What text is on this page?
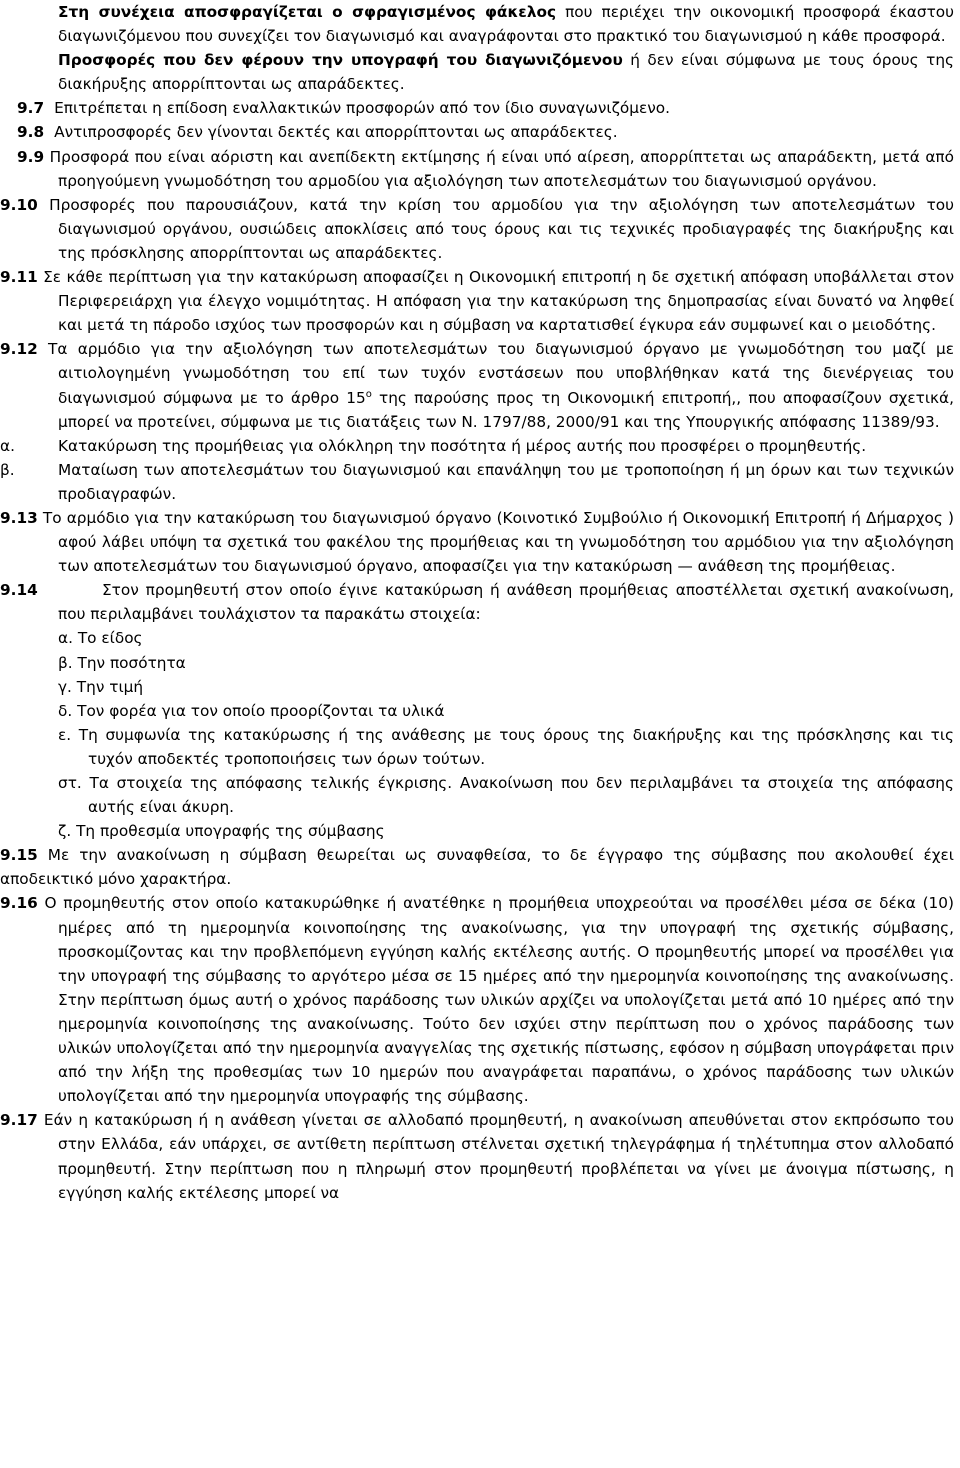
Στη συνέχεια αποσφραγίζεται ο σφραγισμένος φάκελος που περιέχει την οικονομική προσφορά έκαστου διαγωνιζόμενου που συνεχίζει τον διαγωνισμό και αναγράφονται στο πρακτικό του διαγωνισμού η κάθε προσφορά.

Προσφορές που δεν φέρουν την υπογραφή του διαγωνιζόμενου ή δεν είναι σύμφωνα με τους όρους της διακήρυξης απορρίπτονται ως απαράδεκτες.

9.7 Επιτρέπεται η επίδοση εναλλακτικών προσφορών από τον ίδιο συναγωνιζόμενο.

9.8 Αντιπροσφορές δεν γίνονται δεκτές και απορρίπτονται ως απαράδεκτες.

9.9 Προσφορά που είναι αόριστη και ανεπίδεκτη εκτίμησης ή είναι υπό αίρεση, απορρίπτεται ως απαράδεκτη, μετά από προηγούμενη γνωμοδότηση του αρμοδίου για αξιολόγηση των αποτελεσμάτων του διαγωνισμού οργάνου.

9.10 Προσφορές που παρουσιάζουν, κατά την κρίση του αρμοδίου για την αξιολόγηση των αποτελεσμάτων του διαγωνισμού οργάνου, ουσιώδεις αποκλίσεις από τους όρους και τις τεχνικές προδιαγραφές της διακήρυξης και της πρόσκλησης απορρίπτονται ως απαράδεκτες.

9.11 Σε κάθε περίπτωση για την κατακύρωση αποφασίζει η Οικονομική επιτροπή η δε σχετική απόφαση υποβάλλεται στον Περιφερειάρχη για έλεγχο νομιμότητας. Η απόφαση για την κατακύρωση της δημοπρασίας είναι δυνατό να ληφθεί και μετά τη πάροδο ισχύος των προσφορών και η σύμβαση να καρτατισθεί έγκυρα εάν συμφωνεί και ο μειοδότης.

9.12 Τα αρμόδιο για την αξιολόγηση των αποτελεσμάτων του διαγωνισμού όργανο με γνωμοδότηση του μαζί με αιτιολογημένη γνωμοδότηση του επί των τυχόν ενστάσεων που υποβλήθηκαν κατά της διενέργειας του διαγωνισμού σύμφωνα με το άρθρο $15^o$ της παρούσης προς τη Οικονομική επιτροπή,, που αποφασίζουν σχετικά, μπορεί να προτείνει, σύμφωνα με τις διατάξεις των Ν. 1797/88, 2000/91 και της Υπουργικής απόφασης 11389/93.

α.	Κατακύρωση της προμήθειας για ολόκληρη την ποσότητα ή μέρος αυτής που προσφέρει ο προμηθευτής.

β.	Ματαίωση των αποτελεσμάτων του διαγωνισμού και επανάληψη του με τροποποίηση ή μη όρων και των τεχνικών προδιαγραφών.

9.13 Το αρμόδιο για την κατακύρωση του διαγωνισμού όργανο (Κοινοτικό Συμβούλιο ή Οικονομική Επιτροπή ή Δήμαρχος ) αφού λάβει υπόψη τα σχετικά του φακέλου της προμήθειας και τη γνωμοδότηση του αρμόδιου για την αξιολόγηση των αποτελεσμάτων του διαγωνισμού όργανο, αποφασίζει για την κατακύρωση — ανάθεση της προμήθειας.

9.14	Στον προμηθευτή στον οποίο έγινε κατακύρωση ή ανάθεση προμήθειας αποστέλλεται σχετική ανακοίνωση, που περιλαμβάνει τουλάχιστον τα παρακάτω στοιχεία:

α. Το είδος

β. Την ποσότητα

γ. Την τιμή

δ. Τον φορέα για τον οποίο προορίζονται τα υλικά

ε. Τη συμφωνία της κατακύρωσης ή της ανάθεσης με τους όρους της διακήρυξης και της πρόσκλησης και τις τυχόν αποδεκτές τροποποιήσεις των όρων τούτων.

στ. Τα στοιχεία της απόφασης τελικής έγκρισης. Ανακοίνωση που δεν περιλαμβάνει τα στοιχεία της απόφασης αυτής είναι άκυρη.

ζ. Τη προθεσμία υπογραφής της σύμβασης

9.15 Με την ανακοίνωση η σύμβαση θεωρείται ως συναφθείσα, το δε έγγραφο της σύμβασης που ακολουθεί έχει αποδεικτικό μόνο χαρακτήρα.

9.16 Ο προμηθευτής στον οποίο κατακυρώθηκε ή ανατέθηκε η προμήθεια υποχρεούται να προσέλθει μέσα σε δέκα (10) ημέρες από τη ημερομηνία κοινοποίησης της ανακοίνωσης, για την υπογραφή της σχετικής σύμβασης, προσκομίζοντας και την προβλεπόμενη εγγύηση καλής εκτέλεσης αυτής. Ο προμηθευτής μπορεί να προσέλθει για την υπογραφή της σύμβασης το αργότερο μέσα σε 15 ημέρες από την ημερομηνία κοινοποίησης της ανακοίνωσης. Στην περίπτωση όμως αυτή ο χρόνος παράδοσης των υλικών αρχίζει να υπολογίζεται μετά από 10 ημέρες από την ημερομηνία κοινοποίησης της ανακοίνωσης. Τούτο δεν ισχύει στην περίπτωση που ο χρόνος παράδοσης των υλικών υπολογίζεται από την ημερομηνία αναγγελίας της σχετικής πίστωσης, εφόσον η σύμβαση υπογράφεται πριν από την λήξη της προθεσμίας των 10 ημερών που αναγράφεται παραπάνω, ο χρόνος παράδοσης των υλικών υπολογίζεται από την ημερομηνία υπογραφής της σύμβασης.

9.17 Εάν η κατακύρωση ή η ανάθεση γίνεται σε αλλοδαπό προμηθευτή, η ανακοίνωση απευθύνεται στον εκπρόσωπο του στην Ελλάδα, εάν υπάρχει, σε αντίθετη περίπτωση στέλνεται σχετική τηλεγράφημα ή τηλέτυπημα στον αλλοδαπό προμηθευτή. Στην περίπτωση που η πληρωμή στον προμηθευτή προβλέπεται να γίνει με άνοιγμα πίστωσης, η εγγύηση καλής εκτέλεσης μπορεί να
